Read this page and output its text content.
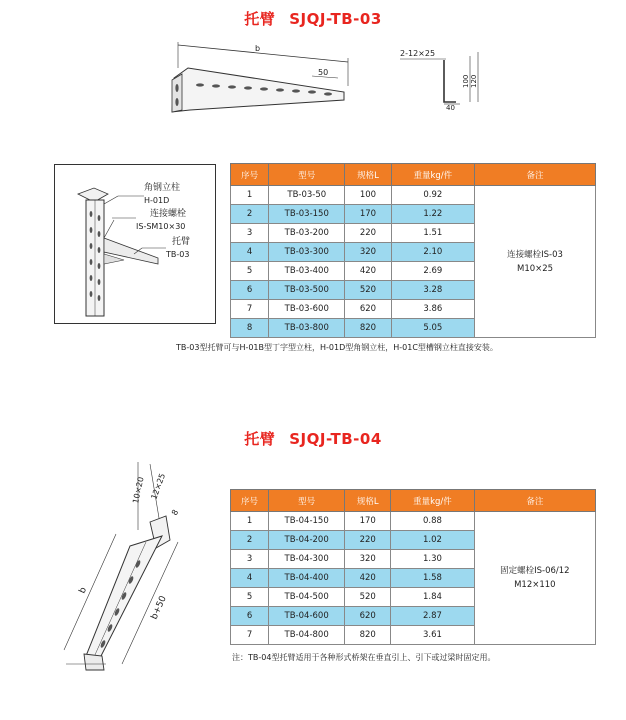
托臂 SJQJ-TB-03
b
50
2-12×25
100 120
40
角钢立柱
H-01D
连接螺栓
IS-SM10×30
托臂
TB-03
序号	型号	规格L	重量kg/件	备注
1	TB-03-50	100	0.92	连接螺栓IS-03
M10×25

2	TB-03-150	170	1.22	
3	TB-03-200	220	1.51	
4	TB-03-300	320	2.10	
5	TB-03-400	420	2.69	
6	TB-03-500	520	3.28	
7	TB-03-600	620	3.86	
8	TB-03-800	820	5.05	
TB-03型托臂可与H-01B型丁字型立柱，H-01D型角钢立柱，H-01C型槽钢立柱直接安装。
托臂 SJQJ-TB-04
10×20 12×25
8
b
b+50
序号	型号	规格L	重量kg/件	备注
1	TB-04-150	170	0.88	固定螺栓IS-06/12
M12×110

2	TB-04-200	220	1.02	
3	TB-04-300	320	1.30	
4	TB-04-400	420	1.58	
5	TB-04-500	520	1.84	
6	TB-04-600	620	2.87	
7	TB-04-800	820	3.61	
注：TB-04型托臂适用于各种形式桥架在垂直引上、引下或过梁时固定用。
